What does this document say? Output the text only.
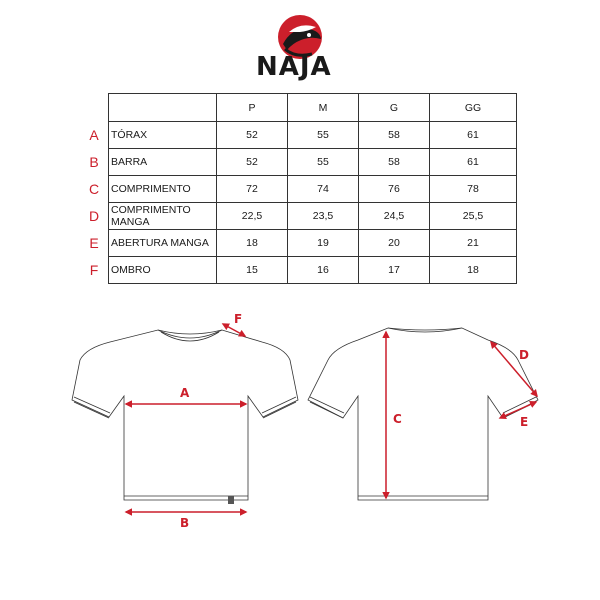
NAJA
A
B
C
D
E
F
	P	M	G	GG
TÓRAX	52	55	58	61
BARRA	52	55	58	61
COMPRIMENTO	72	74	76	78
COMPRIMENTO MANGA	22,5	23,5	24,5	25,5
ABERTURA MANGA	18	19	20	21
OMBRO	15	16	17	18
A
B
C
D
E
F
